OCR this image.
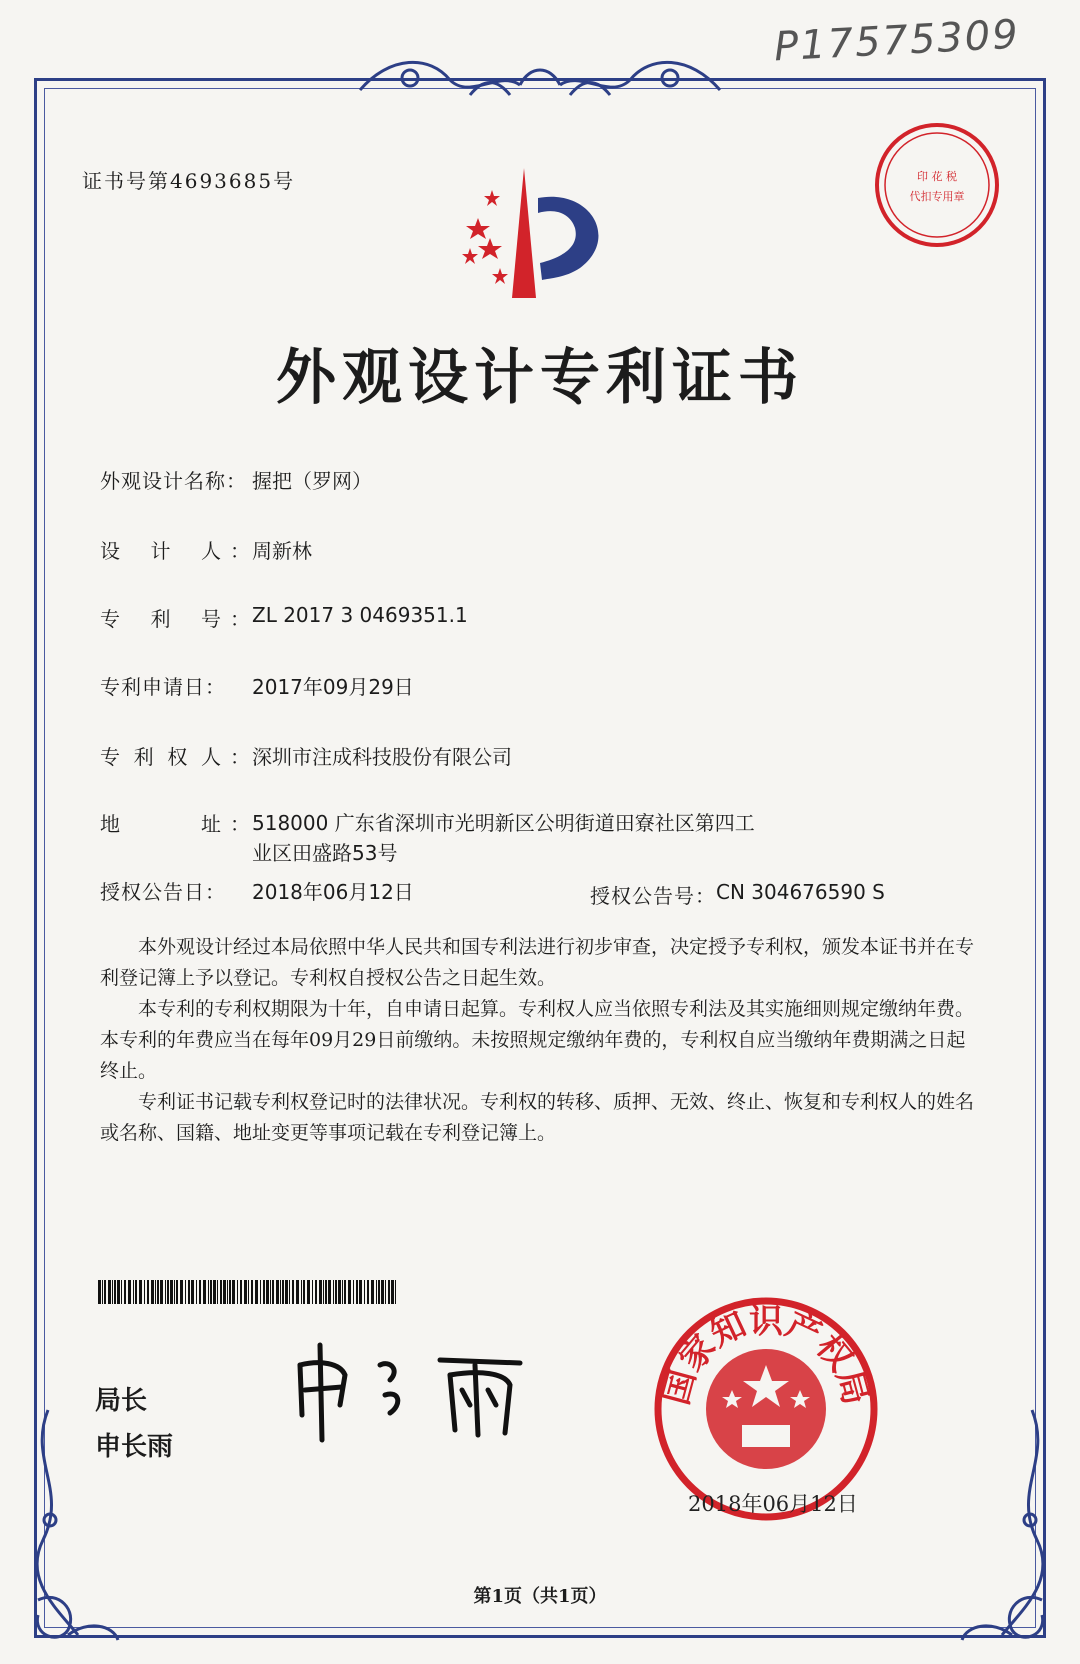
P17575309
证书号第4693685号	印 花 税
代扣专用章
外观设计专利证书
外观设计名称： 握把（罗网）
设 计 人 ： 周新林
专 利 号 ： ZL 2017 3 0469351.1
专利申请日：	2017年09月29日
专 利 权 人 ： 深圳市注成科技股份有限公司
地	址 ： 518000 广东省深圳市光明新区公明街道田寮社区第四工
业区田盛路53号
授权公告日：	2018年06月12日	授权公告号： CN 304676590 S

本外观设计经过本局依照中华人民共和国专利法进行初步审查，决定授予专利权，颁发本证书并在专利登记簿上予以登记。专利权自授权公告之日起生效。

本专利的专利权期限为十年，自申请日起算。专利权人应当依照专利法及其实施细则规定缴纳年费。本专利的年费应当在每年09月29日前缴纳。未按照规定缴纳年费的，专利权自应当缴纳年费期满之日起终止。

专利证书记载专利权登记时的法律状况。专利权的转移、质押、无效、终止、恢复和专利权人的姓名或名称、国籍、地址变更等事项记载在专利登记簿上。

局长
申长雨
国家知识产权局
2018年06月12日
第1页（共1页）
